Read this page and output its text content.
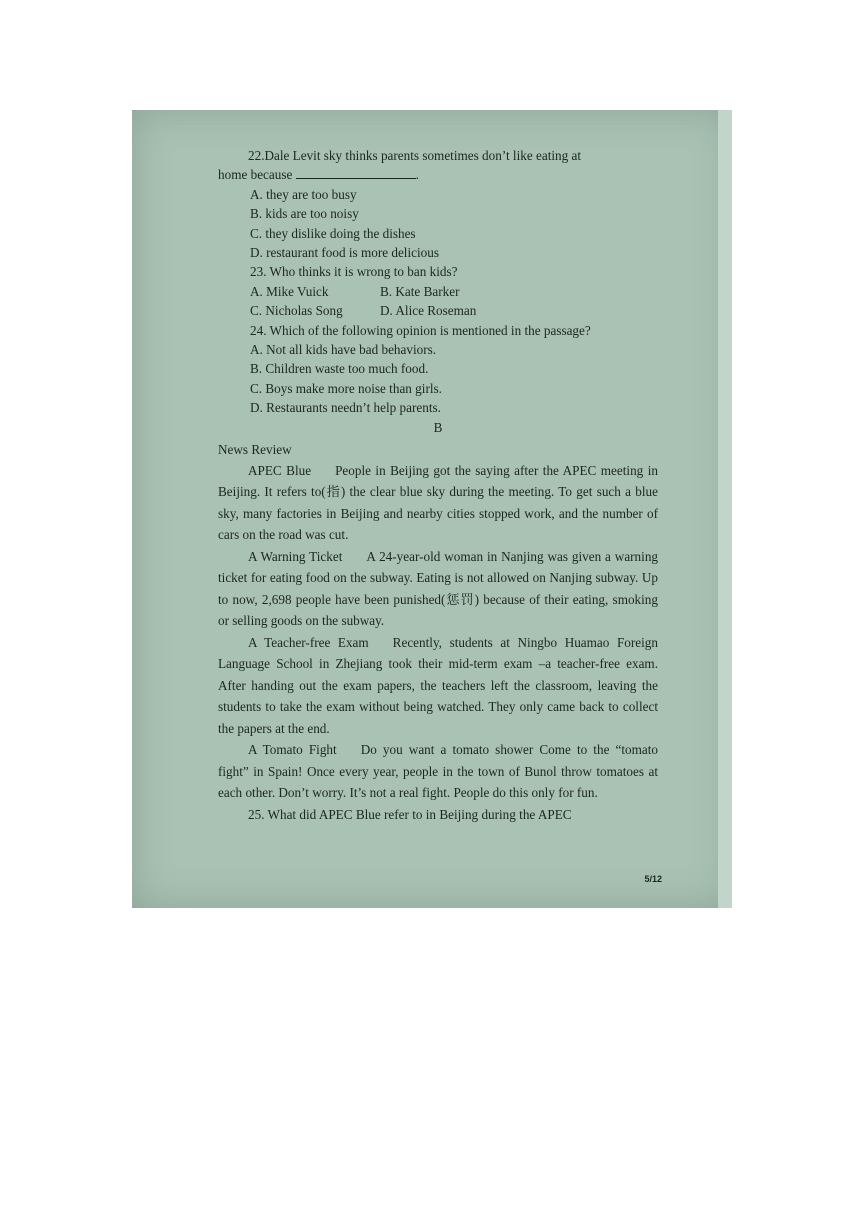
22.Dale Levit sky thinks parents sometimes don’t like eating at
home because	.
A. they are too busy
B. kids are too noisy
C. they dislike doing the dishes
D. restaurant food is more delicious
23. Who thinks it is wrong to ban kids?
A. Mike Vuick	B. Kate Barker
C. Nicholas Song	D. Alice Roseman
24. Which of the following opinion is mentioned in the passage?
A. Not all kids have bad behaviors.
B. Children waste too much food.
C. Boys make more noise than girls.
D. Restaurants needn’t help parents.
B
News Review
APEC Blue People in Beijing got the saying after the APEC meeting in Beijing. It refers to(指) the clear blue sky during the meeting. To get such a blue sky, many factories in Beijing and nearby cities stopped work, and the number of cars on the road was cut.
A Warning Ticket A 24-year-old woman in Nanjing was given a warning ticket for eating food on the subway. Eating is not allowed on Nanjing subway. Up to now, 2,698 people have been punished(惩罚) because of their eating, smoking or selling goods on the subway.
A Teacher-free Exam Recently, students at Ningbo Huamao Foreign Language School in Zhejiang took their mid-term exam –a teacher-free exam. After handing out the exam papers, the teachers left the classroom, leaving the students to take the exam without being watched. They only came back to collect the papers at the end.
A Tomato Fight Do you want a tomato shower Come to the “tomato fight” in Spain! Once every year, people in the town of Bunol throw tomatoes at each other. Don’t worry. It’s not a real fight. People do this only for fun.
25. What did APEC Blue refer to in Beijing during the APEC
5/12
